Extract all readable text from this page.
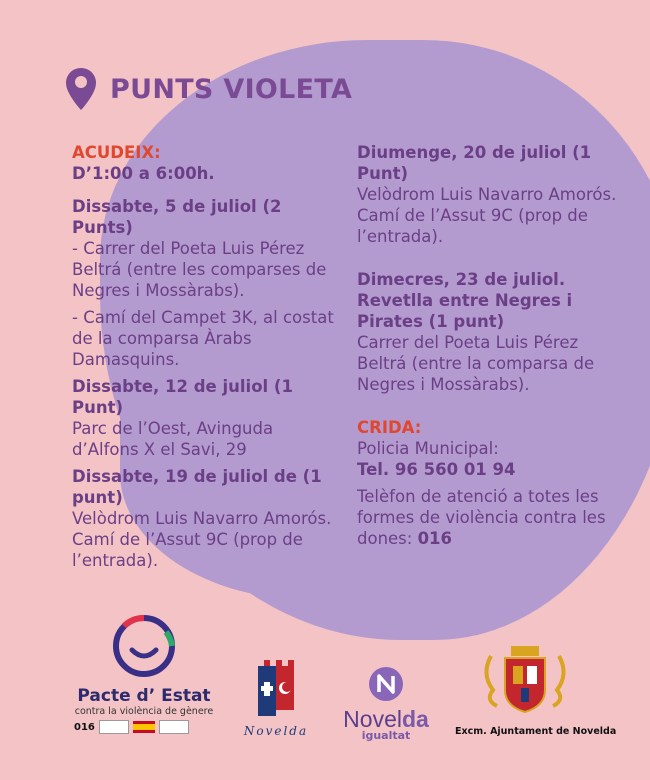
PUNTS VIOLETA

ACUDEIX:

D’1:00 a 6:00h.

Dissabte, 5 de juliol (2 Punts)

- Carrer del Poeta Luis Pérez Beltrá (entre les comparses de Negres i Mossàrabs).

- Camí del Campet 3K, al costat de la comparsa Àrabs Damasquins.

Dissabte, 12 de juliol (1 Punt)

Parc de l’Oest, Avinguda d’Alfons X el Savi, 29

Dissabte, 19 de juliol de (1 punt)

Velòdrom Luis Navarro Amorós. Camí de l’Assut 9C (prop de l’entrada).

Diumenge, 20 de juliol (1 Punt)

Velòdrom Luis Navarro Amorós. Camí de l’Assut 9C (prop de l’entrada).

Dimecres, 23 de juliol. Revetlla entre Negres i Pirates (1 punt)

Carrer del Poeta Luis Pérez Beltrá (entre la comparsa de Negres i Mossàrabs).

CRIDA:

Policia Municipal:

Tel. 96 560 01 94

Telèfon de atenció a totes les formes de violència contra les dones: 016

Pacte d’ Estat
contra la violència de gènere
016	Novelda	Novelda
igualtat	Excm. Ajuntament de Novelda
